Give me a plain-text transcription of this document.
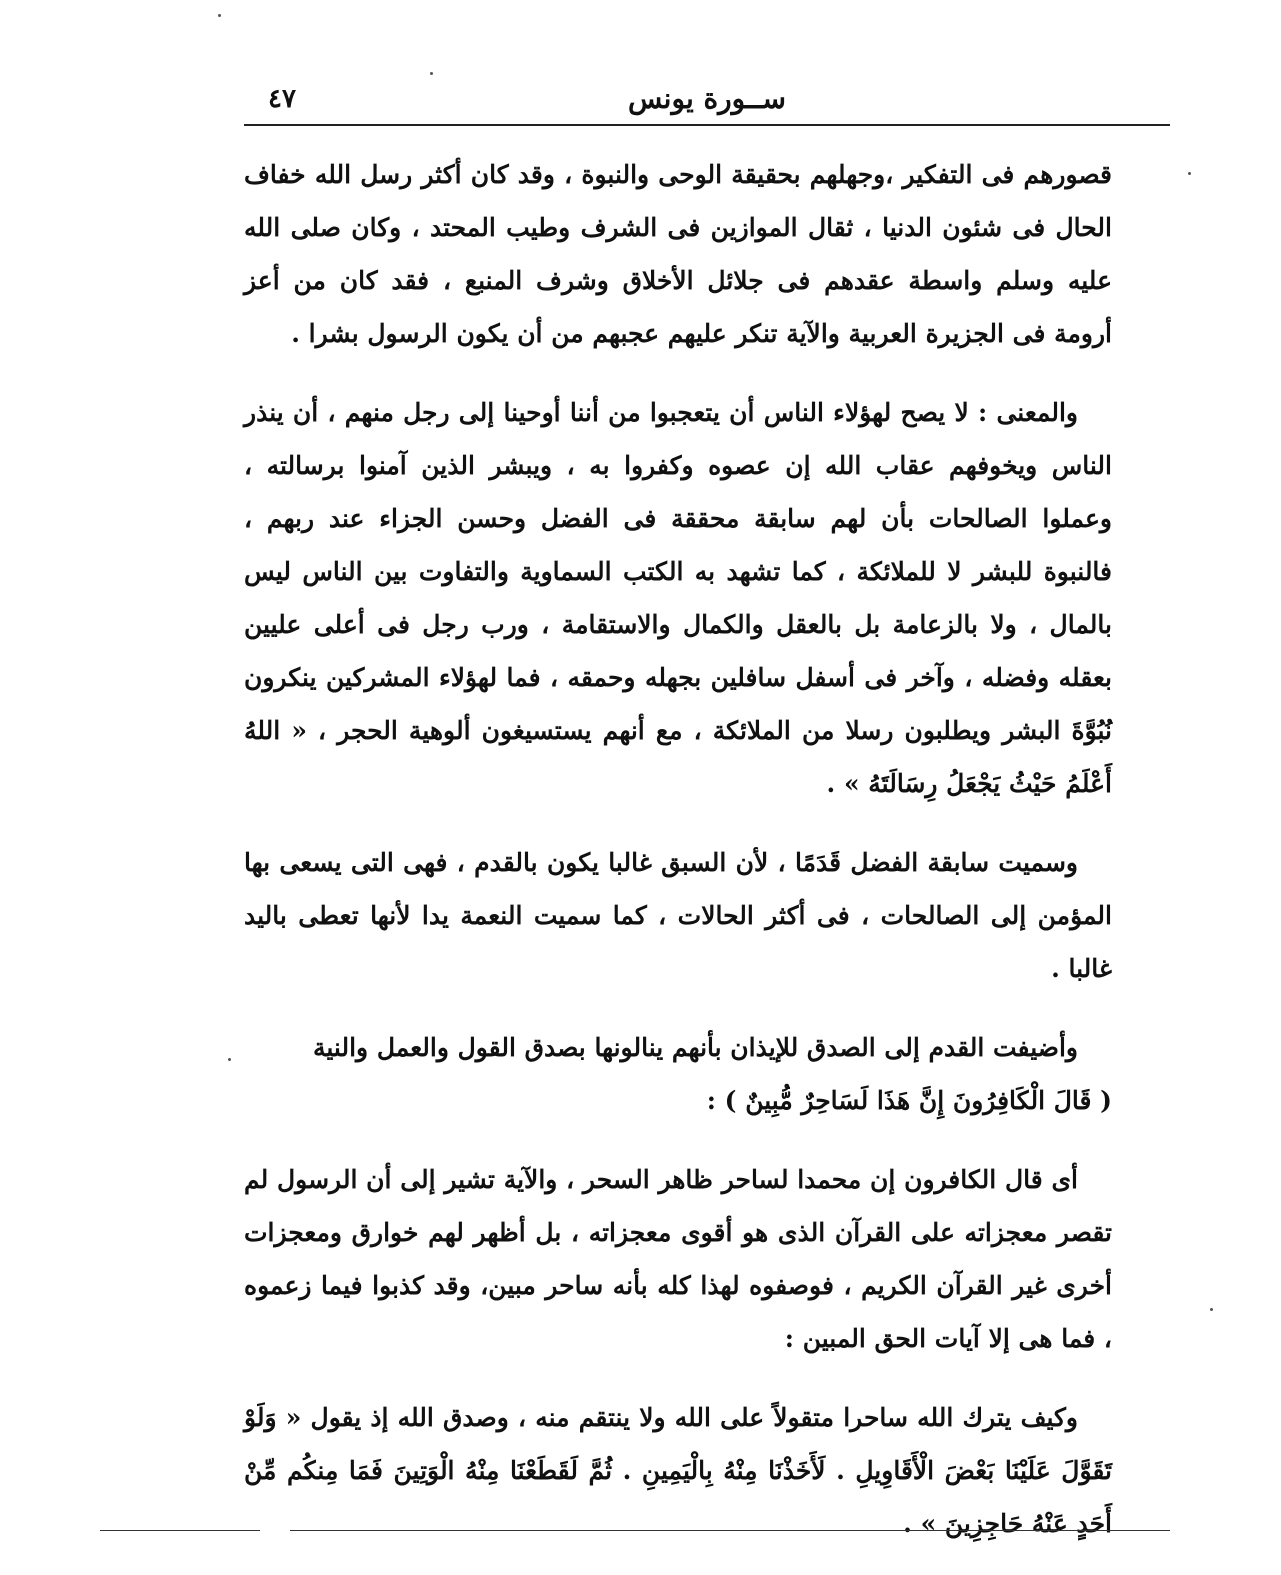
٤٧	ســورة يونس

قصورهم فى التفكير ،وجهلهم بحقيقة الوحى والنبوة ، وقد كان أكثر رسل الله خفاف الحال فى شئون الدنيا ، ثقال الموازين فى الشرف وطيب المحتد ، وكان صلى الله عليه وسلم واسطة عقدهم فى جلائل الأخلاق وشرف المنبع ، فقد كان من أعز أرومة فى الجزيرة العربية والآية تنكر عليهم عجبهم من أن يكون الرسول بشرا .

والمعنى : لا يصح لهؤلاء الناس أن يتعجبوا من أننا أوحينا إلى رجل منهم ، أن ينذر الناس ويخوفهم عقاب الله إن عصوه وكفروا به ، ويبشر الذين آمنوا برسالته ، وعملوا الصالحات بأن لهم سابقة محققة فى الفضل وحسن الجزاء عند ربهم ، فالنبوة للبشر لا للملائكة ، كما تشهد به الكتب السماوية والتفاوت بين الناس ليس بالمال ، ولا بالزعامة بل بالعقل والكمال والاستقامة ، ورب رجل فى أعلى عليين بعقله وفضله ، وآخر فى أسفل سافلين بجهله وحمقه ، فما لهؤلاء المشركين ينكرون نُبُوَّةَ البشر ويطلبون رسلا من الملائكة ، مع أنهم يستسيغون ألوهية الحجر ، « اللهُ أَعْلَمُ حَيْثُ يَجْعَلُ رِسَالَتَهُ » .

وسميت سابقة الفضل قَدَمًا ، لأن السبق غالبا يكون بالقدم ، فهى التى يسعى بها المؤمن إلى الصالحات ، فى أكثر الحالات ، كما سميت النعمة يدا لأنها تعطى باليد غالبا .

وأضيفت القدم إلى الصدق للإيذان بأنهم ينالونها بصدق القول والعمل والنية

( قَالَ الْكَافِرُونَ إِنَّ هَذَا لَسَاحِرٌ مُّبِينٌ ) :

أى قال الكافرون إن محمدا لساحر ظاهر السحر ، والآية تشير إلى أن الرسول لم تقصر معجزاته على القرآن الذى هو أقوى معجزاته ، بل أظهر لهم خوارق ومعجزات أخرى غير القرآن الكريم ، فوصفوه لهذا كله بأنه ساحر مبين، وقد كذبوا فيما زعموه ، فما هى إلا آيات الحق المبين :

وكيف يترك الله ساحرا متقولاً على الله ولا ينتقم منه ، وصدق الله إذ يقول « وَلَوْ تَقَوَّلَ عَلَيْنَا بَعْضَ الْأَقَاوِيلِ . لَأَخَذْنَا مِنْهُ بِالْيَمِينِ . ثُمَّ لَقَطَعْنَا مِنْهُ الْوَتِينَ فَمَا مِنكُم مِّنْ أَحَدٍ عَنْهُ حَاجِزِينَ » .
